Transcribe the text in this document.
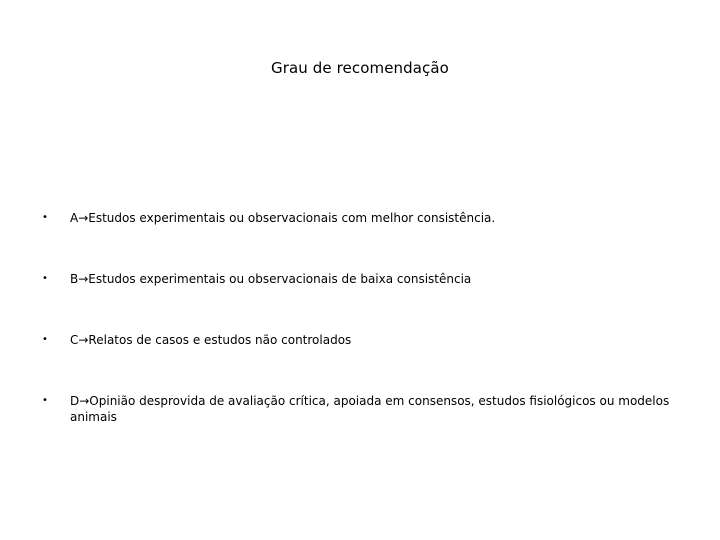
Grau de recomendação
• A→Estudos experimentais ou observacionais com melhor consistência.
• B→Estudos experimentais ou observacionais de baixa consistência
• C→Relatos de casos e estudos não controlados
• D→Opinião desprovida de avaliação crítica, apoiada em consensos, estudos fisiológicos ou modelos animais
